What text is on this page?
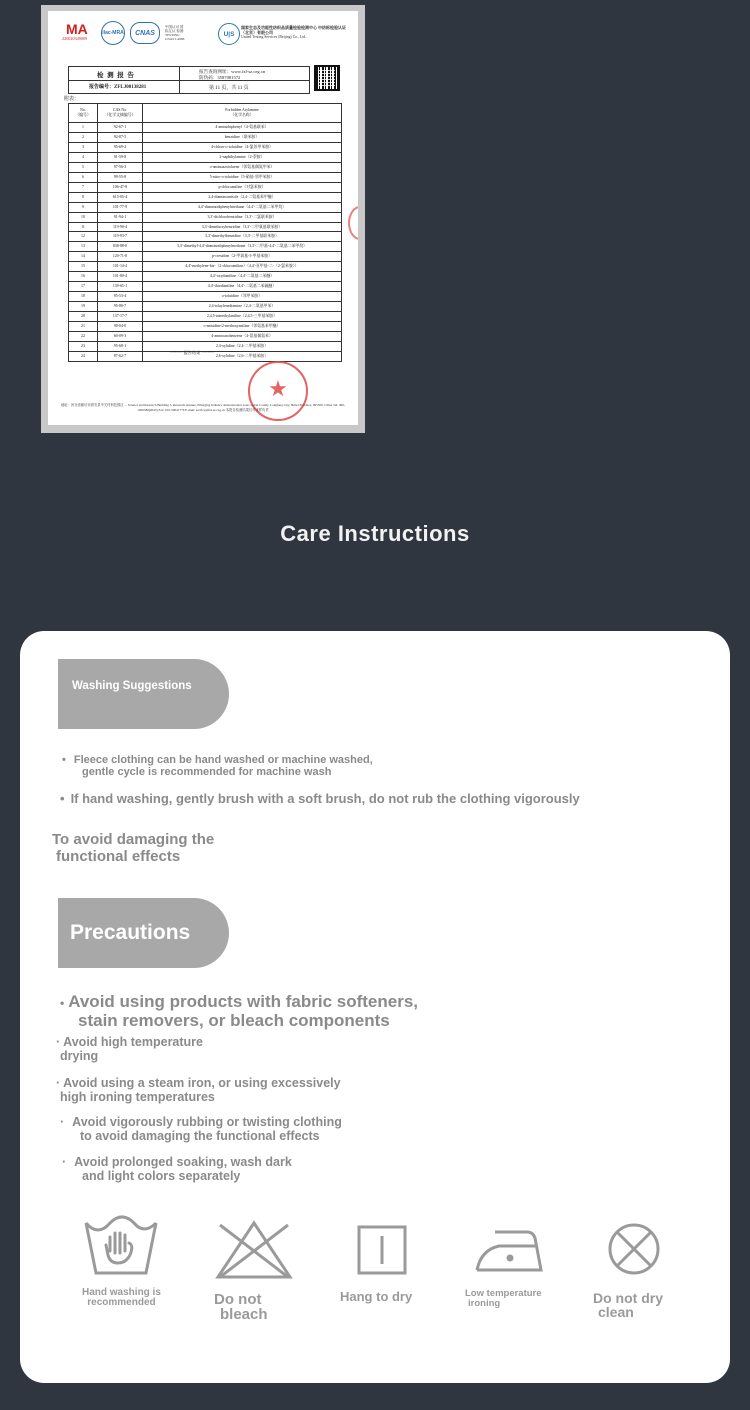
MA
220020349009
ilac-MRA	CNAS
中国认可 国际互认 检测 TESTING CNAS L4986
U|S
国家生态及功能性纺织品质量检验检测中心 中纺标检验认证（北京）有限公司
United Testing Services (Beijing) Co., Ltd.
检 测 报 告
报告编号：ZFLJ0013828​1
报告查询网址：www.fzl-sz.ceg.cn
防伪码：3587081572
第 11 页，共 11 页
附表：
No.
（编号）	CAS No.
（化学文摘编号）	Forbidden Arylamine
（化学名称）
1	92-67-1	4-aminobiphenyl（4-氨基联苯）
2	92-87-5	benzidine（联苯胺）
3	95-69-2	4-chloro-o-toluidine（4-氯邻甲苯胺）
4	91-59-8	2-naphthylamine（2-萘胺）
5	97-56-3	o-aminoazotoluene（邻氨基偶氮甲苯）
6	99-55-8	5-nitro-o-toluidine（5-硝基-邻甲苯胺）
7	106-47-8	p-chloroaniline（对氯苯胺）
8	615-05-4	2,4-diaminoanisole（2,4-二氨基苯甲醚）
9	101-77-9	4,4'-diaminodiphenylmethane（4,4'-二氨基二苯甲烷）
10	91-94-1	3,3'-dichlorobenzidine（3,3'-二氯联苯胺）
11	119-90-4	3,3'-dimethoxybenzidine（3,3'-二甲氧基联苯胺）
12	119-93-7	3,3'-dimethylbenzidine（3,3'-二甲基联苯胺）
13	838-88-0	3,3'-dimethyl-4,4'-diaminodiphenylmethane（3,3'-二甲基-4,4'-二氨基二苯甲烷）
14	120-71-8	p-cresidine（2-甲氧基-5-甲基苯胺）
15	101-14-4	4,4'-methylene-bis-（2-chloroaniline）（4,4'-亚甲基-二-（2-氯苯胺））
16	101-80-4	4,4'-oxydianiline（4,4'-二氨基二苯醚）
17	139-65-1	4,4'-thiodianiline（4,4'-二氨基二苯硫醚）
18	95-53-4	o-toluidine（邻甲苯胺）
19	95-80-7	2,4-toluylenediamine（2,4-二氨基甲苯）
20	137-17-7	2,4,5-trimethylaniline（2,4,5-三甲基苯胺）
21	90-04-0	o-anisidine/2-methoxyaniline（邻氨基苯甲醚）
22	60-09-3	4-aminoazobenzene（4-氨基偶氮苯）
23	95-68-1	2,4-xylidine（2,4-二甲基苯胺）
24	87-62-7	2,6-xylidine（2,6-二甲基苯胺）
****** 报告结束 ******
★
地址：河北省廊坊市固安县中关村科技园区 ... Science and Research Building 5, Research Avenue, Emerging Industry demonstration zone, Gu'an County, Langfang City, Hebei Province, 065500, China Tel: 400-1000580(6043) Fax: 010-59041779 E-mail: service@fzl-sz.ceg.cn 本报告检测结果仅对来样负责
Care Instructions
Washing Suggestions
• Fleece clothing can be hand washed or machine washed,
gentle cycle is recommended for machine wash
• If hand washing, gently brush with a soft brush, do not rub the clothing vigorously
To avoid damaging the
functional effects
Precautions
• Avoid using products with fabric softeners,
stain removers, or bleach components
· Avoid high temperature
drying
· Avoid using a steam iron, or using excessively
high ironing temperatures
· Avoid vigorously rubbing or twisting clothing
to avoid damaging the functional effects
· Avoid prolonged soaking, wash dark
and light colors separately
Hand washing is
recommended	Do not
bleach
Hang to dry	Low temperature
ironing	Do not dry
clean
